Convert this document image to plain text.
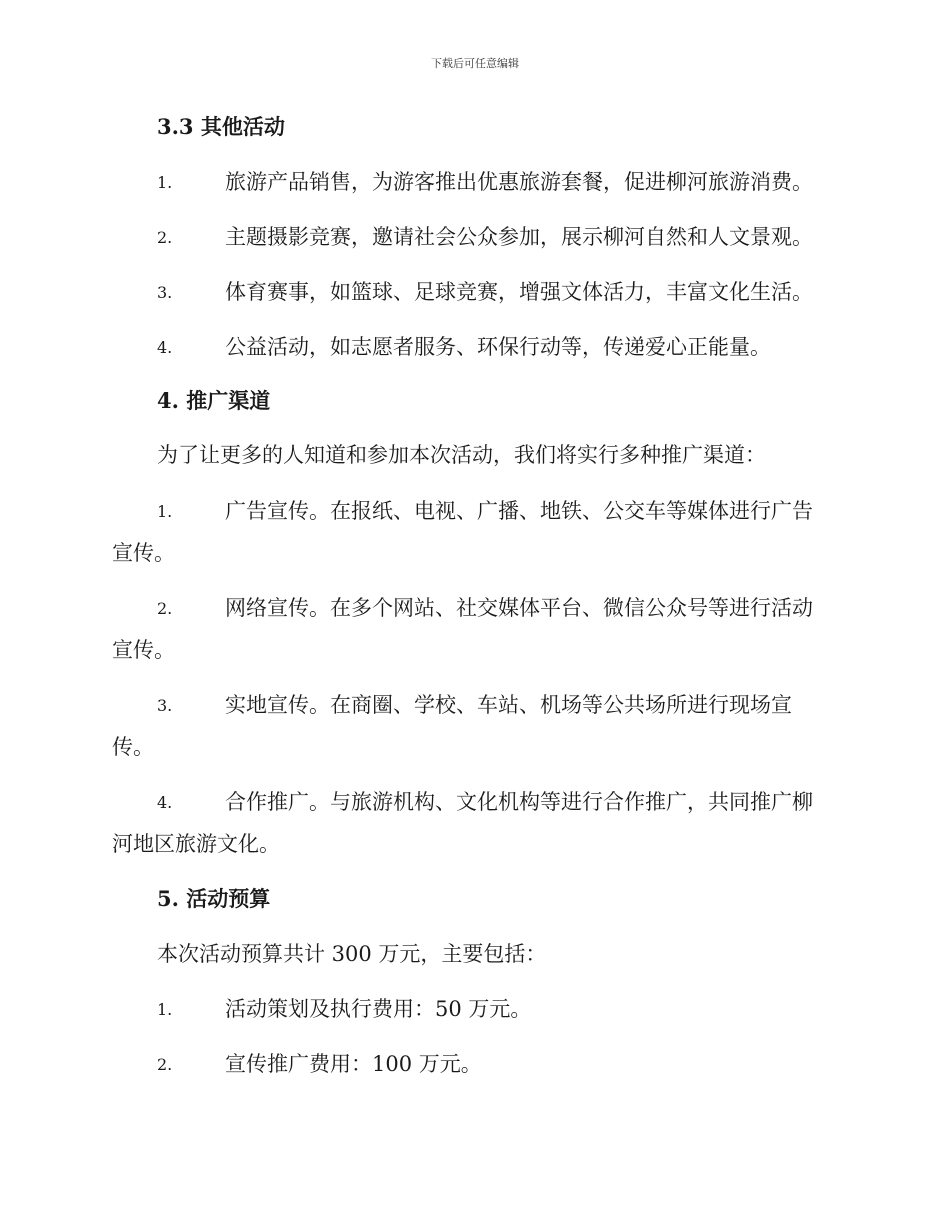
下载后可任意编辑
3.3 其他活动
1.	旅游产品销售，为游客推出优惠旅游套餐，促进柳河旅游消费。
2.	主题摄影竞赛，邀请社会公众参加，展示柳河自然和人文景观。
3.	体育赛事，如篮球、足球竞赛，增强文体活力，丰富文化生活。
4.	公益活动，如志愿者服务、环保行动等，传递爱心正能量。
4. 推广渠道
为了让更多的人知道和参加本次活动，我们将实行多种推广渠道：
1.	广告宣传。在报纸、电视、广播、地铁、公交车等媒体进行广告
宣传。
2.	网络宣传。在多个网站、社交媒体平台、微信公众号等进行活动
宣传。
3.	实地宣传。在商圈、学校、车站、机场等公共场所进行现场宣
传。
4.	合作推广。与旅游机构、文化机构等进行合作推广，共同推广柳
河地区旅游文化。
5. 活动预算
本次活动预算共计 300 万元，主要包括：
1.	活动策划及执行费用：50 万元。
2.	宣传推广费用：100 万元。
